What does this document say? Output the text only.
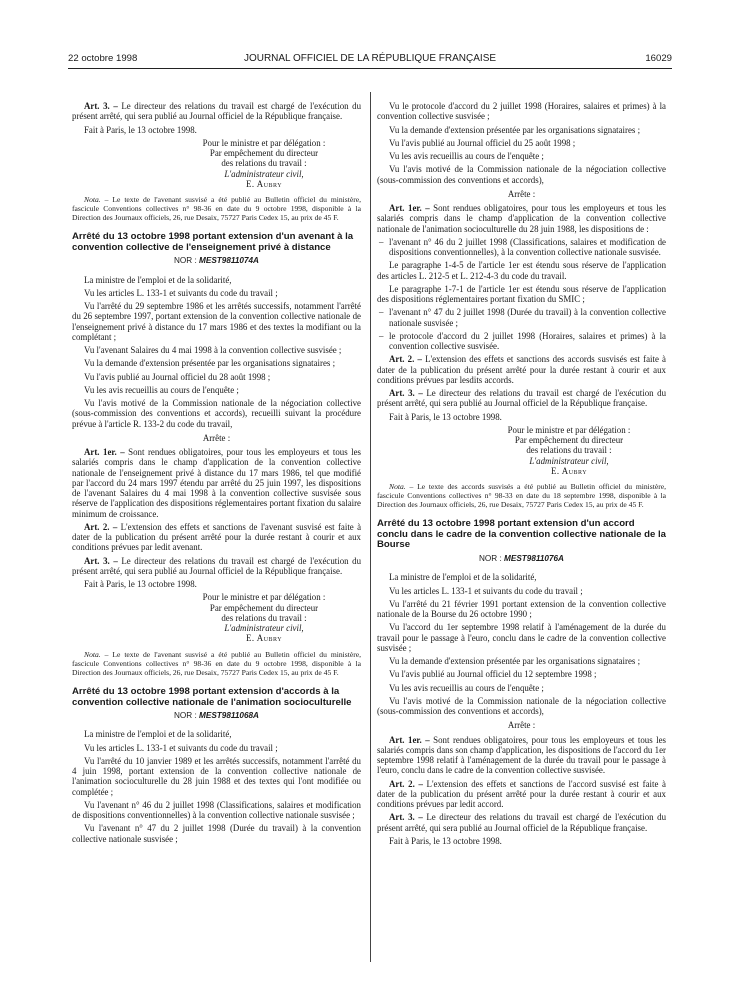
22 octobre 1998	JOURNAL OFFICIEL DE LA RÉPUBLIQUE FRANÇAISE	16029

Art. 3. – Le directeur des relations du travail est chargé de l'exécution du présent arrêté, qui sera publié au Journal officiel de la République française.

Fait à Paris, le 13 octobre 1998.

Pour le ministre et par délégation :
Par empêchement du directeur
des relations du travail :
L'administrateur civil,
E. Aubry

Nota. – Le texte de l'avenant susvisé a été publié au Bulletin officiel du ministère, fascicule Conventions collectives n° 98-36 en date du 9 octobre 1998, disponible à la Direction des Journaux officiels, 26, rue Desaix, 75727 Paris Cedex 15, au prix de 45 F.

Arrêté du 13 octobre 1998 portant extension d'un avenant à la convention collective de l'enseignement privé à distance
NOR : MEST9811074A

La ministre de l'emploi et de la solidarité,

Vu les articles L. 133-1 et suivants du code du travail ;

Vu l'arrêté du 29 septembre 1986 et les arrêtés successifs, notamment l'arrêté du 26 septembre 1997, portant extension de la convention collective nationale de l'enseignement privé à distance du 17 mars 1986 et des textes la modifiant ou la complétant ;

Vu l'avenant Salaires du 4 mai 1998 à la convention collective susvisée ;

Vu la demande d'extension présentée par les organisations signataires ;

Vu l'avis publié au Journal officiel du 28 août 1998 ;

Vu les avis recueillis au cours de l'enquête ;

Vu l'avis motivé de la Commission nationale de la négociation collective (sous-commission des conventions et accords), recueilli suivant la procédure prévue à l'article R. 133-2 du code du travail,

Arrête :

Art. 1er. – Sont rendues obligatoires, pour tous les employeurs et tous les salariés compris dans le champ d'application de la convention collective nationale de l'enseignement privé à distance du 17 mars 1986, tel que modifié par l'accord du 24 mars 1997 étendu par arrêté du 25 juin 1997, les dispositions de l'avenant Salaires du 4 mai 1998 à la convention collective susvisée sous réserve de l'application des dispositions réglementaires portant fixation du salaire minimum de croissance.

Art. 2. – L'extension des effets et sanctions de l'avenant susvisé est faite à dater de la publication du présent arrêté pour la durée restant à courir et aux conditions prévues par ledit avenant.

Art. 3. – Le directeur des relations du travail est chargé de l'exécution du présent arrêté, qui sera publié au Journal officiel de la République française.

Fait à Paris, le 13 octobre 1998.

Pour le ministre et par délégation :
Par empêchement du directeur
des relations du travail :
L'administrateur civil,
E. Aubry

Nota. – Le texte de l'avenant susvisé a été publié au Bulletin officiel du ministère, fascicule Conventions collectives n° 98-36 en date du 9 octobre 1998, disponible à la Direction des Journaux officiels, 26, rue Desaix, 75727 Paris Cedex 15, au prix de 45 F.

Arrêté du 13 octobre 1998 portant extension d'accords à la convention collective nationale de l'animation socioculturelle
NOR : MEST9811068A

La ministre de l'emploi et de la solidarité,

Vu les articles L. 133-1 et suivants du code du travail ;

Vu l'arrêté du 10 janvier 1989 et les arrêtés successifs, notamment l'arrêté du 4 juin 1998, portant extension de la convention collective nationale de l'animation socioculturelle du 28 juin 1988 et des textes qui l'ont modifiée ou complétée ;

Vu l'avenant n° 46 du 2 juillet 1998 (Classifications, salaires et modification de dispositions conventionnelles) à la convention collective nationale susvisée ;

Vu l'avenant n° 47 du 2 juillet 1998 (Durée du travail) à la convention collective nationale susvisée ;

Vu le protocole d'accord du 2 juillet 1998 (Horaires, salaires et primes) à la convention collective susvisée ;

Vu la demande d'extension présentée par les organisations signataires ;

Vu l'avis publié au Journal officiel du 25 août 1998 ;

Vu les avis recueillis au cours de l'enquête ;

Vu l'avis motivé de la Commission nationale de la négociation collective (sous-commission des conventions et accords),

Arrête :

Art. 1er. – Sont rendues obligatoires, pour tous les employeurs et tous les salariés compris dans le champ d'application de la convention collective nationale de l'animation socioculturelle du 28 juin 1988, les dispositions de :

– l'avenant n° 46 du 2 juillet 1998 (Classifications, salaires et modification de dispositions conventionnelles), à la convention collective nationale susvisée.

Le paragraphe 1-4-5 de l'article 1er est étendu sous réserve de l'application des articles L. 212-5 et L. 212-4-3 du code du travail.

Le paragraphe 1-7-1 de l'article 1er est étendu sous réserve de l'application des dispositions réglementaires portant fixation du SMIC ;

– l'avenant n° 47 du 2 juillet 1998 (Durée du travail) à la convention collective nationale susvisée ;

– le protocole d'accord du 2 juillet 1998 (Horaires, salaires et primes) à la convention collective susvisée.

Art. 2. – L'extension des effets et sanctions des accords susvisés est faite à dater de la publication du présent arrêté pour la durée restant à courir et aux conditions prévues par lesdits accords.

Art. 3. – Le directeur des relations du travail est chargé de l'exécution du présent arrêté, qui sera publié au Journal officiel de la République française.

Fait à Paris, le 13 octobre 1998.

Pour le ministre et par délégation :
Par empêchement du directeur
des relations du travail :
L'administrateur civil,
E. Aubry

Nota. – Le texte des accords susvisés a été publié au Bulletin officiel du ministère, fascicule Conventions collectives n° 98-33 en date du 18 septembre 1998, disponible à la Direction des Journaux officiels, 26, rue Desaix, 75727 Paris Cedex 15, au prix de 45 F.

Arrêté du 13 octobre 1998 portant extension d'un accord conclu dans le cadre de la convention collective nationale de la Bourse
NOR : MEST9811076A

La ministre de l'emploi et de la solidarité,

Vu les articles L. 133-1 et suivants du code du travail ;

Vu l'arrêté du 21 février 1991 portant extension de la convention collective nationale de la Bourse du 26 octobre 1990 ;

Vu l'accord du 1er septembre 1998 relatif à l'aménagement de la durée du travail pour le passage à l'euro, conclu dans le cadre de la convention collective susvisée ;

Vu la demande d'extension présentée par les organisations signataires ;

Vu l'avis publié au Journal officiel du 12 septembre 1998 ;

Vu les avis recueillis au cours de l'enquête ;

Vu l'avis motivé de la Commission nationale de la négociation collective (sous-commission des conventions et accords),

Arrête :

Art. 1er. – Sont rendues obligatoires, pour tous les employeurs et tous les salariés compris dans son champ d'application, les dispositions de l'accord du 1er septembre 1998 relatif à l'aménagement de la durée du travail pour le passage à l'euro, conclu dans le cadre de la convention collective susvisée.

Art. 2. – L'extension des effets et sanctions de l'accord susvisé est faite à dater de la publication du présent arrêté pour la durée restant à courir et aux conditions prévues par ledit accord.

Art. 3. – Le directeur des relations du travail est chargé de l'exécution du présent arrêté, qui sera publié au Journal officiel de la République française.

Fait à Paris, le 13 octobre 1998.
